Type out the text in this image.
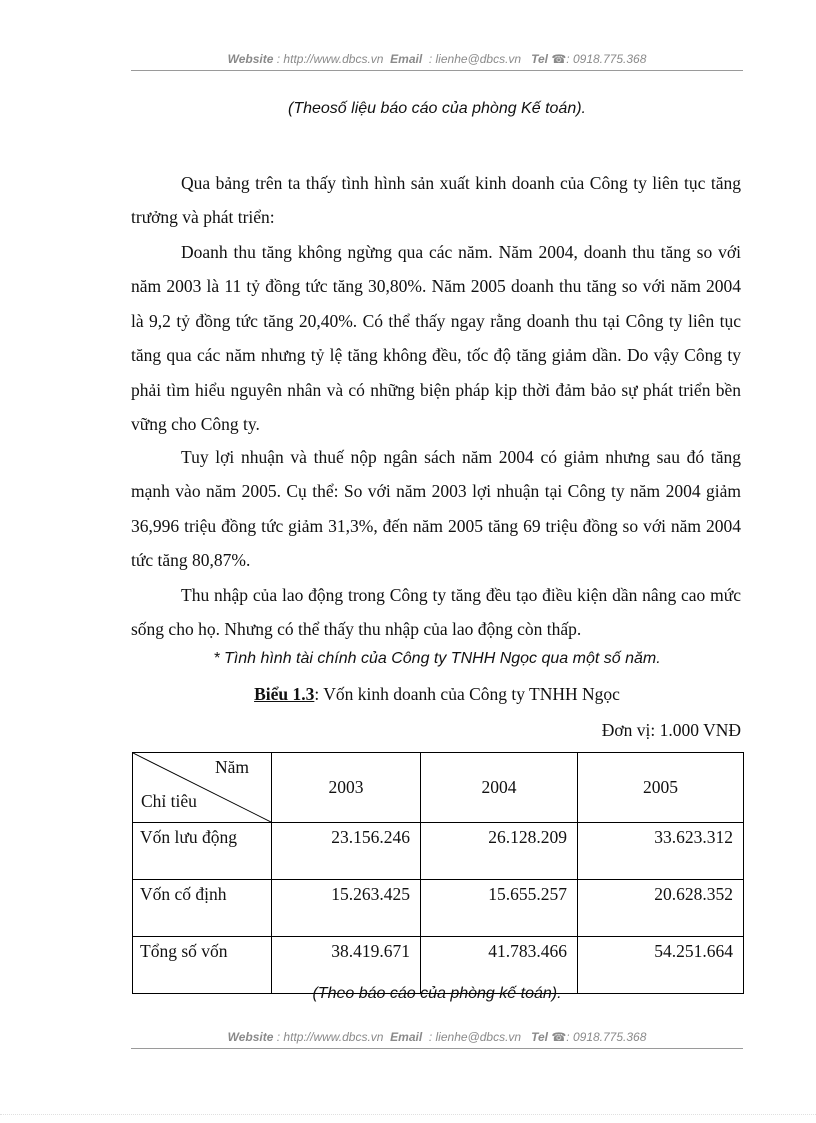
Website : http://www.dbcs.vn Email : lienhe@dbcs.vn Tel ☎: 0918.775.368
(Theosố liệu báo cáo của phòng Kế toán).

Qua bảng trên ta thấy tình hình sản xuất kinh doanh của Công ty liên tục tăng trưởng và phát triển:

Doanh thu tăng không ngừng qua các năm. Năm 2004, doanh thu tăng so với năm 2003 là 11 tỷ đồng tức tăng 30,80%. Năm 2005 doanh thu tăng so với năm 2004 là 9,2 tỷ đồng tức tăng 20,40%. Có thể thấy ngay rằng doanh thu tại Công ty liên tục tăng qua các năm nhưng tỷ lệ tăng không đều, tốc độ tăng giảm dần. Do vậy Công ty phải tìm hiểu nguyên nhân và có những biện pháp kịp thời đảm bảo sự phát triển bền vững cho Công ty.

Tuy lợi nhuận và thuế nộp ngân sách năm 2004 có giảm nhưng sau đó tăng mạnh vào năm 2005. Cụ thể: So với năm 2003 lợi nhuận tại Công ty năm 2004 giảm 36,996 triệu đồng tức giảm 31,3%, đến năm 2005 tăng 69 triệu đồng so với năm 2004 tức tăng 80,87%.

Thu nhập của lao động trong Công ty tăng đều tạo điều kiện dần nâng cao mức sống cho họ. Nhưng có thể thấy thu nhập của lao động còn thấp.

* Tình hình tài chính của Công ty TNHH Ngọc qua một số năm.
Biểu 1.3: Vốn kinh doanh của Công ty TNHH Ngọc
Đơn vị: 1.000 VNĐ
Năm
Chỉ tiêu	2003	2004	2005
Vốn lưu động	23.156.246	26.128.209	33.623.312
Vốn cố định	15.263.425	15.655.257	20.628.352
Tổng số vốn	38.419.671	41.783.466	54.251.664
(Theo báo cáo của phòng kế toán).
Website : http://www.dbcs.vn Email : lienhe@dbcs.vn Tel ☎: 0918.775.368
